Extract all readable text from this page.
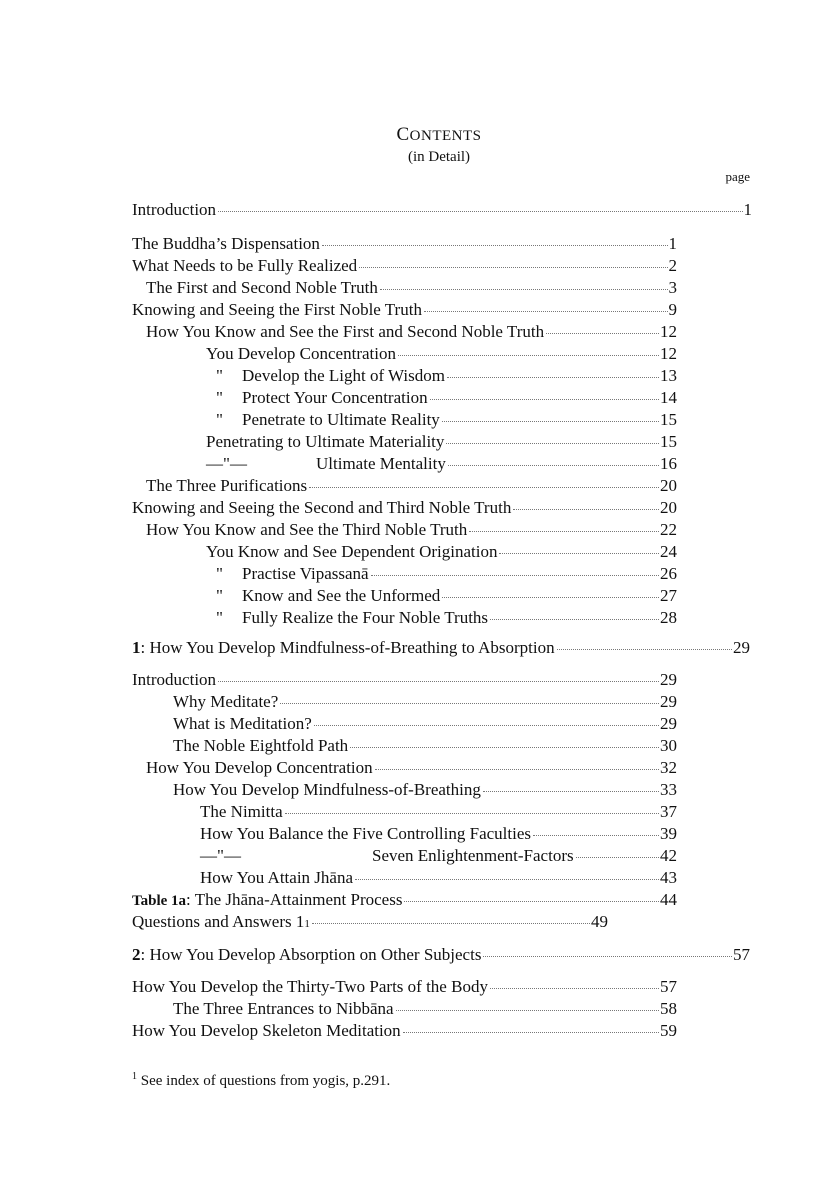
CONTENTS
(in Detail)
page
Introduction	1
The Buddha’s Dispensation	1
What Needs to be Fully Realized	2
The First and Second Noble Truth	3
Knowing and Seeing the First Noble Truth	9
How You Know and See the First and Second Noble Truth	12
You Develop Concentration	12
"	Develop the Light of Wisdom	13
"	Protect Your Concentration	14
"	Penetrate to Ultimate Reality	15
Penetrating to Ultimate Materiality	15
—"—	Ultimate Mentality	16
The Three Purifications	20
Knowing and Seeing the Second and Third Noble Truth	20
How You Know and See the Third Noble Truth	22
You Know and See Dependent Origination	24
"	Practise Vipassanā	26
"	Know and See the Unformed	27
"	Fully Realize the Four Noble Truths	28
1 : How You Develop Mindfulness-of-Breathing to Absorption	29
Introduction	29
Why Meditate?	29
What is Meditation?	29
The Noble Eightfold Path	30
How You Develop Concentration	32
How You Develop Mindfulness-of-Breathing	33
The Nimitta	37
How You Balance the Five Controlling Faculties	39
—"—	Seven Enlightenment-Factors	42
How You Attain Jhāna	43
Table 1a : The Jhāna-Attainment Process	44
Questions and Answers 1 1	49
2 : How You Develop Absorption on Other Subjects	57
How You Develop the Thirty-Two Parts of the Body	57
The Three Entrances to Nibbāna	58
How You Develop Skeleton Meditation	59
$^1$ See index of questions from yogis, p.291.
